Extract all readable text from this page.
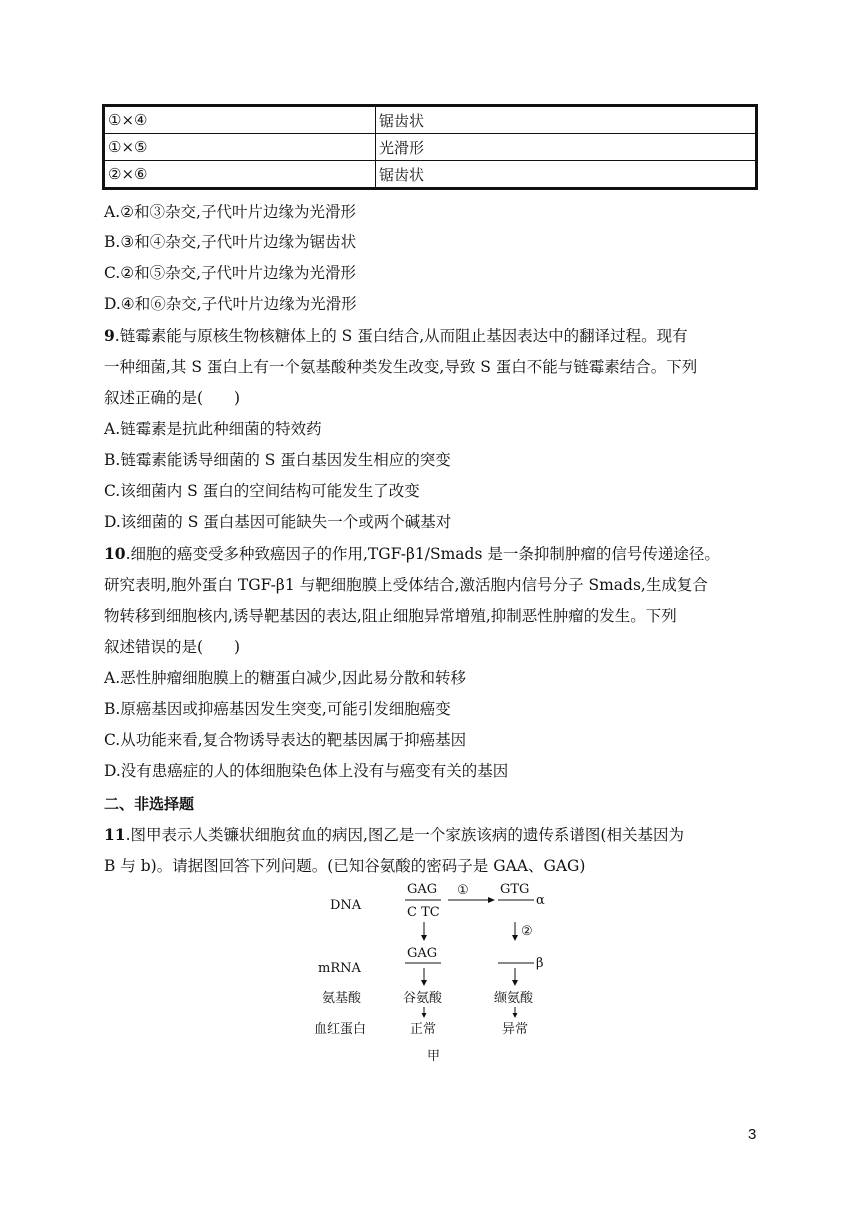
①×④	锯齿状
①×⑤	光滑形
②×⑥	锯齿状
A.②和③杂交,子代叶片边缘为光滑形
B.③和④杂交,子代叶片边缘为锯齿状
C.②和⑤杂交,子代叶片边缘为光滑形
D.④和⑥杂交,子代叶片边缘为光滑形
9.链霉素能与原核生物核糖体上的 S 蛋白结合,从而阻止基因表达中的翻译过程。现有
一种细菌,其 S 蛋白上有一个氨基酸种类发生改变,导致 S 蛋白不能与链霉素结合。下列
叙述正确的是(　　)
A.链霉素是抗此种细菌的特效药
B.链霉素能诱导细菌的 S 蛋白基因发生相应的突变
C.该细菌内 S 蛋白的空间结构可能发生了改变
D.该细菌的 S 蛋白基因可能缺失一个或两个碱基对
10.细胞的癌变受多种致癌因子的作用,TGF-β1/Smads 是一条抑制肿瘤的信号传递途径。
研究表明,胞外蛋白 TGF-β1 与靶细胞膜上受体结合,激活胞内信号分子 Smads,生成复合
物转移到细胞核内,诱导靶基因的表达,阻止细胞异常增殖,抑制恶性肿瘤的发生。下列
叙述错误的是(　　)
A.恶性肿瘤细胞膜上的糖蛋白减少,因此易分散和转移
B.原癌基因或抑癌基因发生突变,可能引发细胞癌变
C.从功能来看,复合物诱导表达的靶基因属于抑癌基因
D.没有患癌症的人的体细胞染色体上没有与癌变有关的基因
二、非选择题
11.图甲表示人类镰状细胞贫血的病因,图乙是一个家族该病的遗传系谱图(相关基因为
B 与 b)。请据图回答下列问题。(已知谷氨酸的密码子是 GAA、GAG)
DNA
mRNA
氨基酸
血红蛋白
GAG
C TC
① GTG
α
②
GAG
β
谷氨酸	缬氨酸
正常	异常
甲
3
